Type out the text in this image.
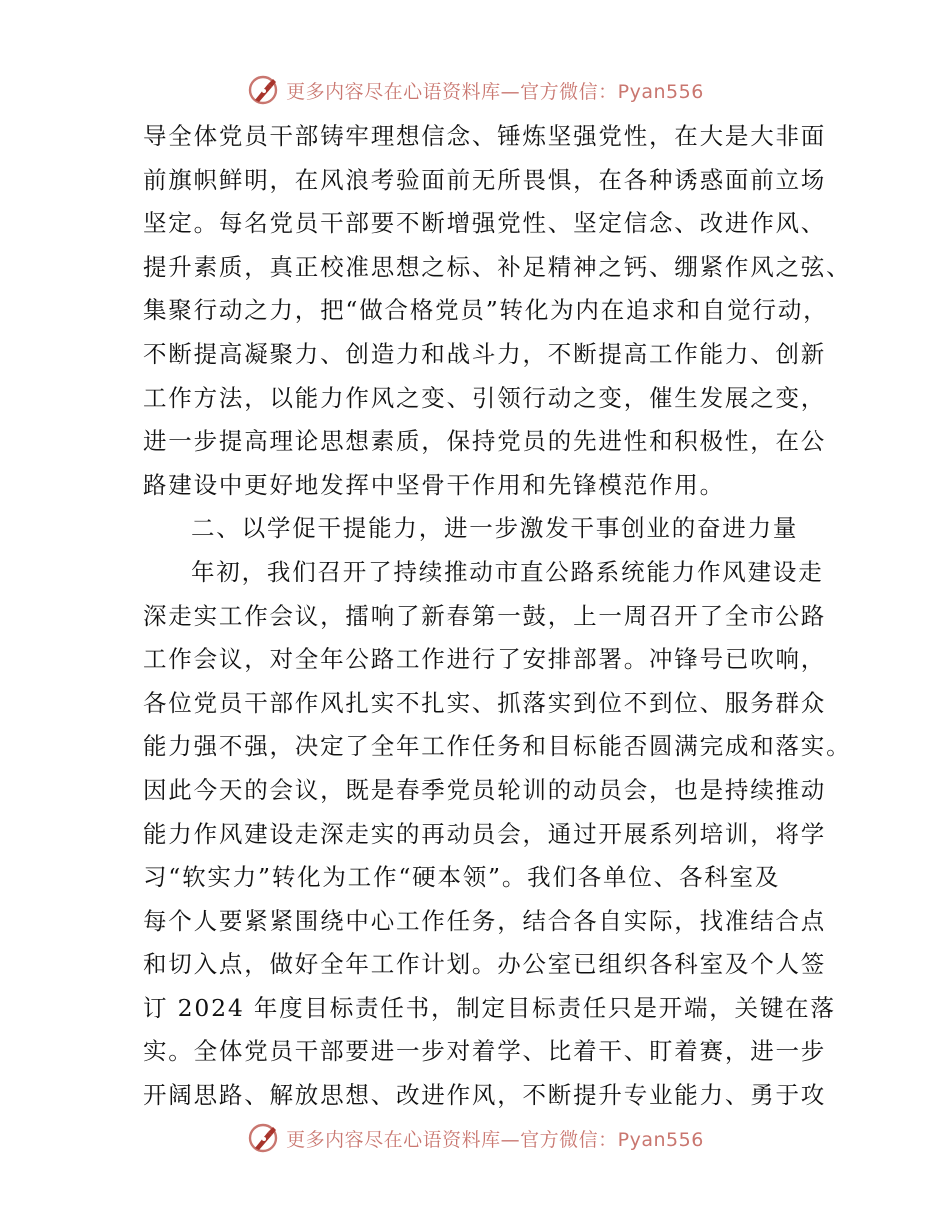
更多内容尽在心语资料库—官方微信：Pyan556
导全体党员干部铸牢理想信念、锤炼坚强党性，在大是大非面
前旗帜鲜明，在风浪考验面前无所畏惧，在各种诱惑面前立场
坚定。每名党员干部要不断增强党性、坚定信念、改进作风、
提升素质，真正校准思想之标、补足精神之钙、绷紧作风之弦、
集聚行动之力，把“做合格党员”转化为内在追求和自觉行动，
不断提高凝聚力、创造力和战斗力，不断提高工作能力、创新
工作方法，以能力作风之变、引领行动之变，催生发展之变，
进一步提高理论思想素质，保持党员的先进性和积极性，在公
路建设中更好地发挥中坚骨干作用和先锋模范作用。
二、以学促干提能力，进一步激发干事创业的奋进力量
年初，我们召开了持续推动市直公路系统能力作风建设走
深走实工作会议，擂响了新春第一鼓，上一周召开了全市公路
工作会议，对全年公路工作进行了安排部署。冲锋号已吹响，
各位党员干部作风扎实不扎实、抓落实到位不到位、服务群众
能力强不强，决定了全年工作任务和目标能否圆满完成和落实。
因此今天的会议，既是春季党员轮训的动员会，也是持续推动
能力作风建设走深走实的再动员会，通过开展系列培训，将学
习“软实力”转化为工作“硬本领”。我们各单位、各科室及
每个人要紧紧围绕中心工作任务，结合各自实际，找准结合点
和切入点，做好全年工作计划。办公室已组织各科室及个人签
订 2024 年度目标责任书，制定目标责任只是开端，关键在落
实。全体党员干部要进一步对着学、比着干、盯着赛，进一步
开阔思路、解放思想、改进作风，不断提升专业能力、勇于攻
更多内容尽在心语资料库—官方微信：Pyan556
